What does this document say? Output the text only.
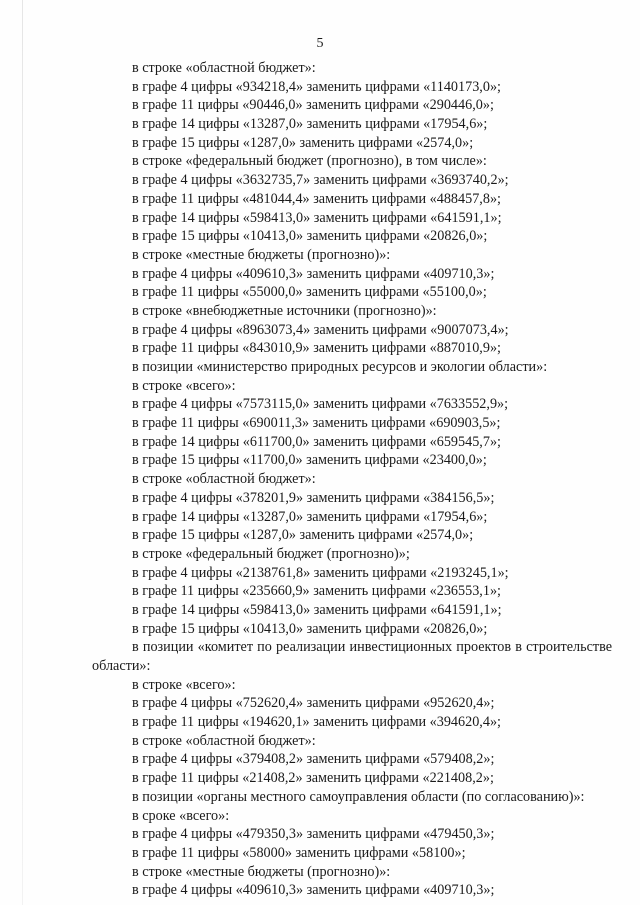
5
в строке «областной бюджет»:
в графе 4 цифры «934218,4» заменить цифрами «1140173,0»;
в графе 11 цифры «90446,0» заменить цифрами «290446,0»;
в графе 14 цифры «13287,0» заменить цифрами «17954,6»;
в графе 15 цифры «1287,0» заменить цифрами «2574,0»;
в строке «федеральный бюджет (прогнозно), в том числе»:
в графе 4 цифры «3632735,7» заменить цифрами «3693740,2»;
в графе 11 цифры «481044,4» заменить цифрами «488457,8»;
в графе 14 цифры «598413,0» заменить цифрами «641591,1»;
в графе 15 цифры «10413,0» заменить цифрами «20826,0»;
в строке «местные бюджеты (прогнозно)»:
в графе 4 цифры «409610,3» заменить цифрами «409710,3»;
в графе 11 цифры «55000,0» заменить цифрами «55100,0»;
в строке «внебюджетные источники (прогнозно)»:
в графе 4 цифры «8963073,4» заменить цифрами «9007073,4»;
в графе 11 цифры «843010,9» заменить цифрами «887010,9»;
в позиции «министерство природных ресурсов и экологии области»:
в строке «всего»:
в графе 4 цифры «7573115,0» заменить цифрами «7633552,9»;
в графе 11 цифры «690011,3» заменить цифрами «690903,5»;
в графе 14 цифры «611700,0» заменить цифрами «659545,7»;
в графе 15 цифры «11700,0» заменить цифрами «23400,0»;
в строке «областной бюджет»:
в графе 4 цифры «378201,9» заменить цифрами «384156,5»;
в графе 14 цифры «13287,0» заменить цифрами «17954,6»;
в графе 15 цифры «1287,0» заменить цифрами «2574,0»;
в строке «федеральный бюджет (прогнозно)»;
в графе 4 цифры «2138761,8» заменить цифрами «2193245,1»;
в графе 11 цифры «235660,9» заменить цифрами «236553,1»;
в графе 14 цифры «598413,0» заменить цифрами «641591,1»;
в графе 15 цифры «10413,0» заменить цифрами «20826,0»;
в позиции «комитет по реализации инвестиционных проектов в строительстве
области»:
в строке «всего»:
в графе 4 цифры «752620,4» заменить цифрами «952620,4»;
в графе 11 цифры «194620,1» заменить цифрами «394620,4»;
в строке «областной бюджет»:
в графе 4 цифры «379408,2» заменить цифрами «579408,2»;
в графе 11 цифры «21408,2» заменить цифрами «221408,2»;
в позиции «органы местного самоуправления области (по согласованию)»:
в сроке «всего»:
в графе 4 цифры «479350,3» заменить цифрами «479450,3»;
в графе 11 цифры «58000» заменить цифрами «58100»;
в строке «местные бюджеты (прогнозно)»:
в графе 4 цифры «409610,3» заменить цифрами «409710,3»;
